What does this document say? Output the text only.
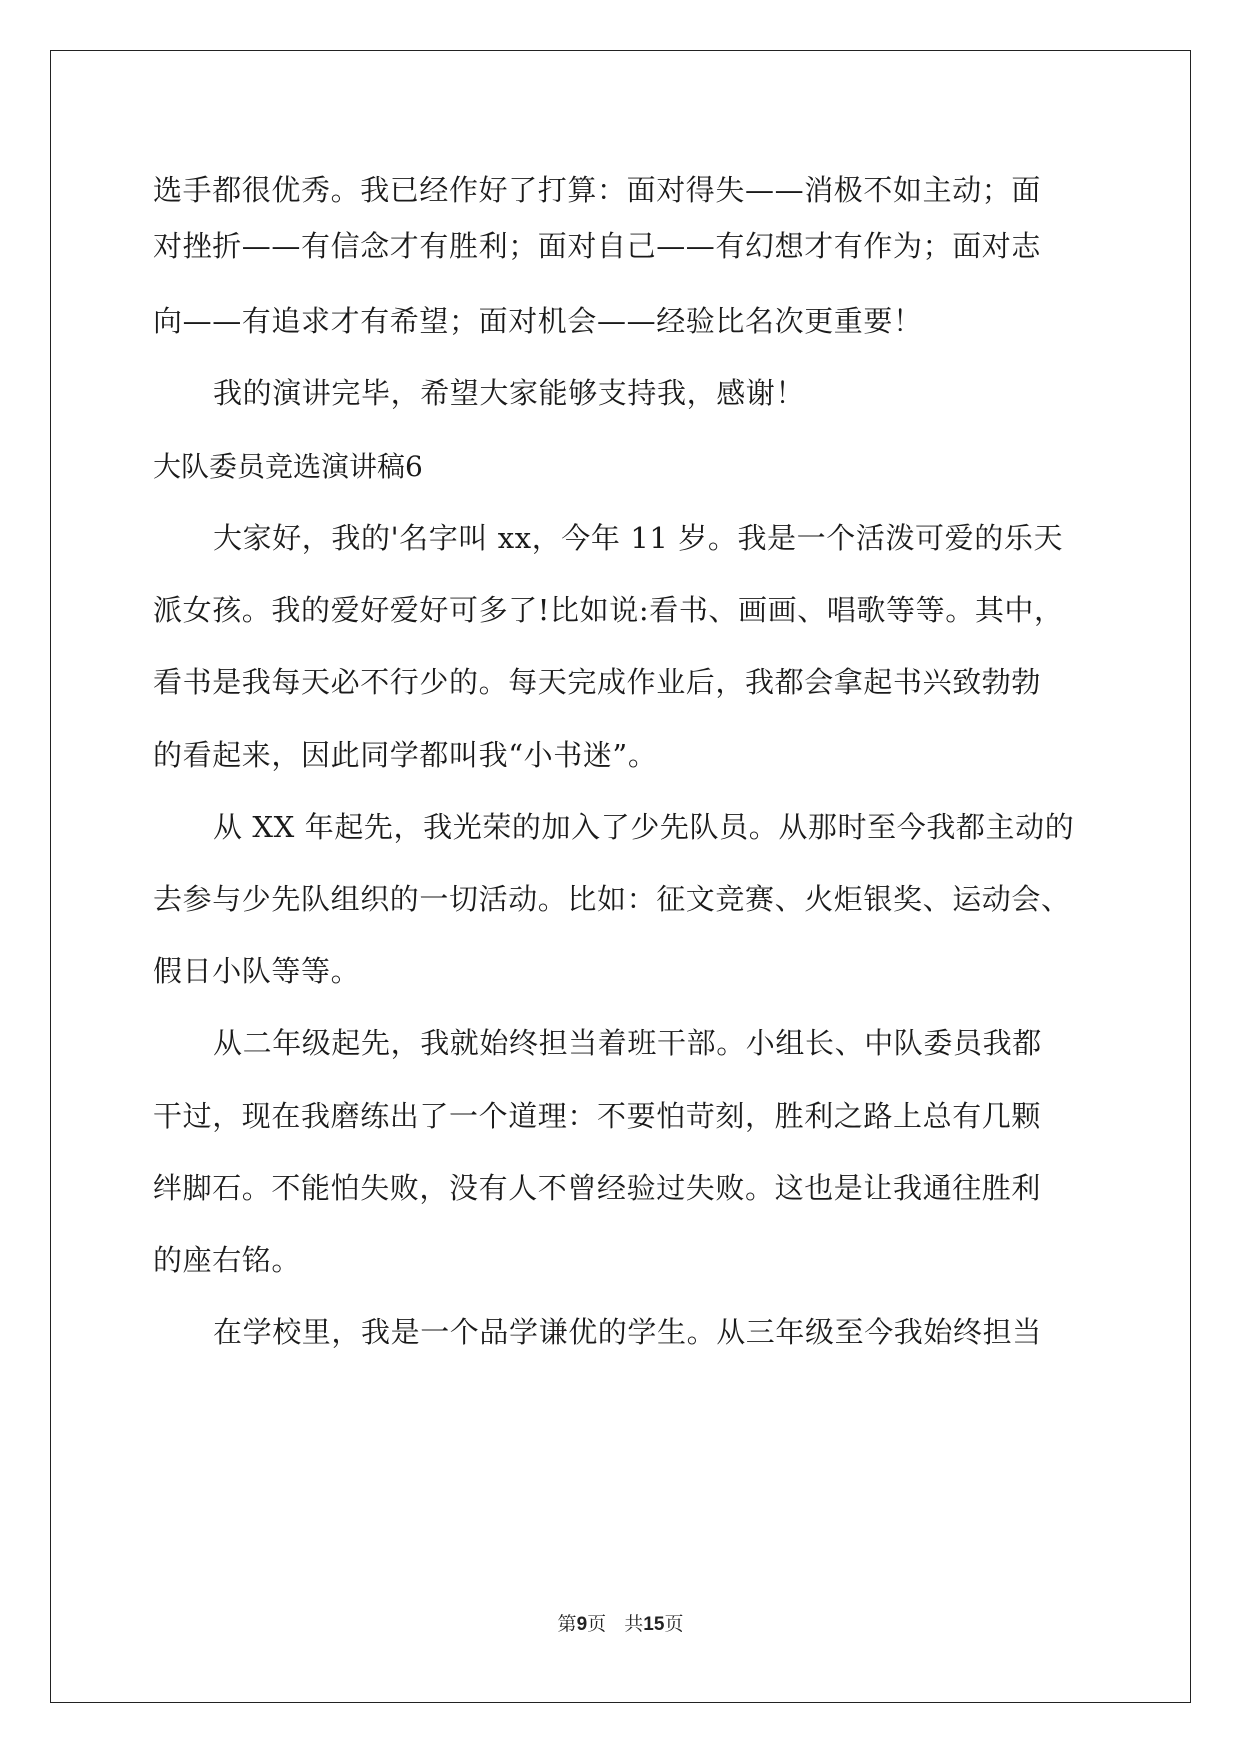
选手都很优秀。我已经作好了打算：面对得失——消极不如主动；面
对挫折——有信念才有胜利；面对自己——有幻想才有作为；面对志
向——有追求才有希望；面对机会——经验比名次更重要！
我的演讲完毕，希望大家能够支持我，感谢！
大队委员竞选演讲稿6
大家好，我的'名字叫 xx，今年 11 岁。我是一个活泼可爱的乐天
派女孩。我的爱好爱好可多了!比如说:看书、画画、唱歌等等。其中，
看书是我每天必不行少的。每天完成作业后，我都会拿起书兴致勃勃
的看起来，因此同学都叫我“小书迷”。
从 XX 年起先，我光荣的加入了少先队员。从那时至今我都主动的
去参与少先队组织的一切活动。比如：征文竞赛、火炬银奖、运动会、
假日小队等等。
从二年级起先，我就始终担当着班干部。小组长、中队委员我都
干过，现在我磨练出了一个道理：不要怕苛刻，胜利之路上总有几颗
绊脚石。不能怕失败，没有人不曾经验过失败。这也是让我通往胜利
的座右铭。
在学校里，我是一个品学谦优的学生。从三年级至今我始终担当
第9页 共15页
